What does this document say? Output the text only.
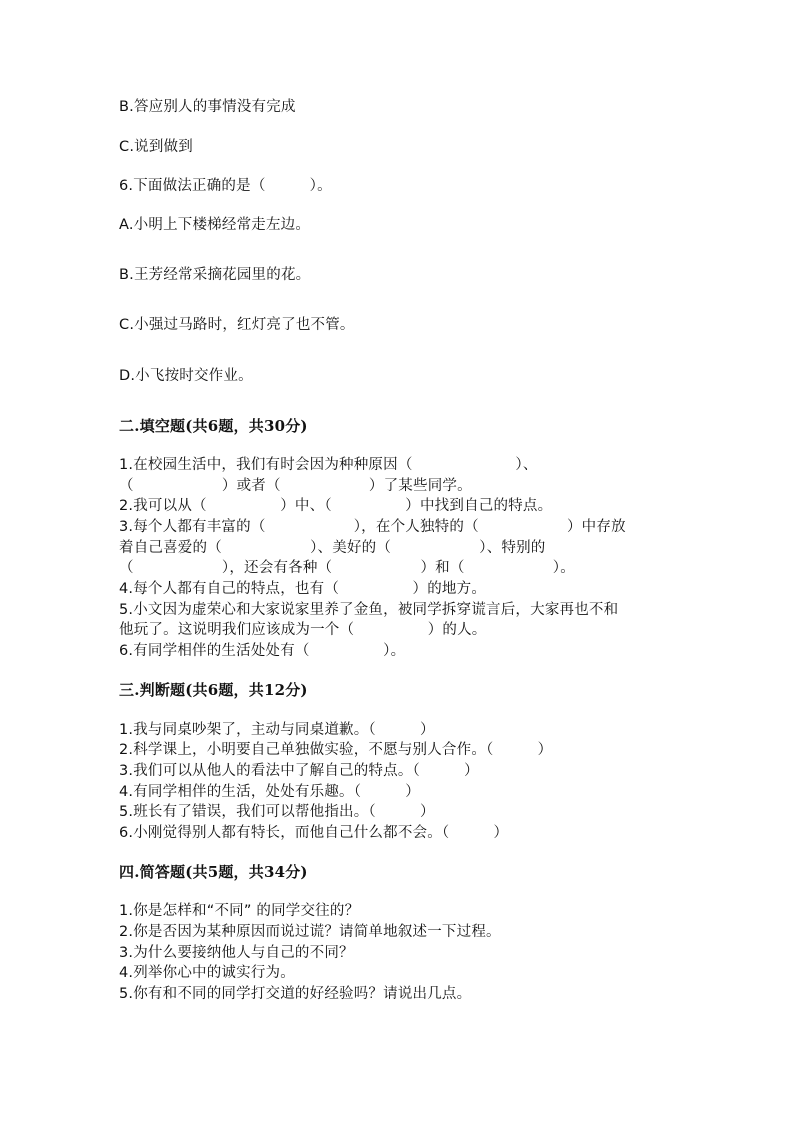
B.答应别人的事情没有完成
C.说到做到
6.下面做法正确的是（　　　）。
A.小明上下楼梯经常走左边。
B.王芳经常采摘花园里的花。
C.小强过马路时，红灯亮了也不管。
D.小飞按时交作业。
二.填空题(共6题，共30分)
1.在校园生活中，我们有时会因为种种原因（　　　　　　　）、
（　　　　　　）或者（　　　　　　）了某些同学。
2.我可以从（　　　　　）中、（　　　　　）中找到自己的特点。
3.每个人都有丰富的（　　　　　　），在个人独特的（　　　　　　）中存放
着自己喜爱的（　　　　　　）、美好的（　　　　　　）、特别的
（　　　　　　），还会有各种（　　　　　　）和（　　　　　　）。
4.每个人都有自己的特点，也有（　　　　　）的地方。
5.小文因为虚荣心和大家说家里养了金鱼，被同学拆穿谎言后，大家再也不和
他玩了。这说明我们应该成为一个（　　　　　）的人。
6.有同学相伴的生活处处有（　　　　　）。
三.判断题(共6题，共12分)
1.我与同桌吵架了，主动与同桌道歉。（　　　）
2.科学课上，小明要自己单独做实验，不愿与别人合作。（　　　）
3.我们可以从他人的看法中了解自己的特点。（　　　）
4.有同学相伴的生活，处处有乐趣。（　　　）
5.班长有了错误，我们可以帮他指出。（　　　）
6.小刚觉得别人都有特长，而他自己什么都不会。（　　　）
四.简答题(共5题，共34分)
1.你是怎样和“不同” 的同学交往的？
2.你是否因为某种原因而说过谎？请简单地叙述一下过程。
3.为什么要接纳他人与自己的不同？
4.列举你心中的诚实行为。
5.你有和不同的同学打交道的好经验吗？请说出几点。
